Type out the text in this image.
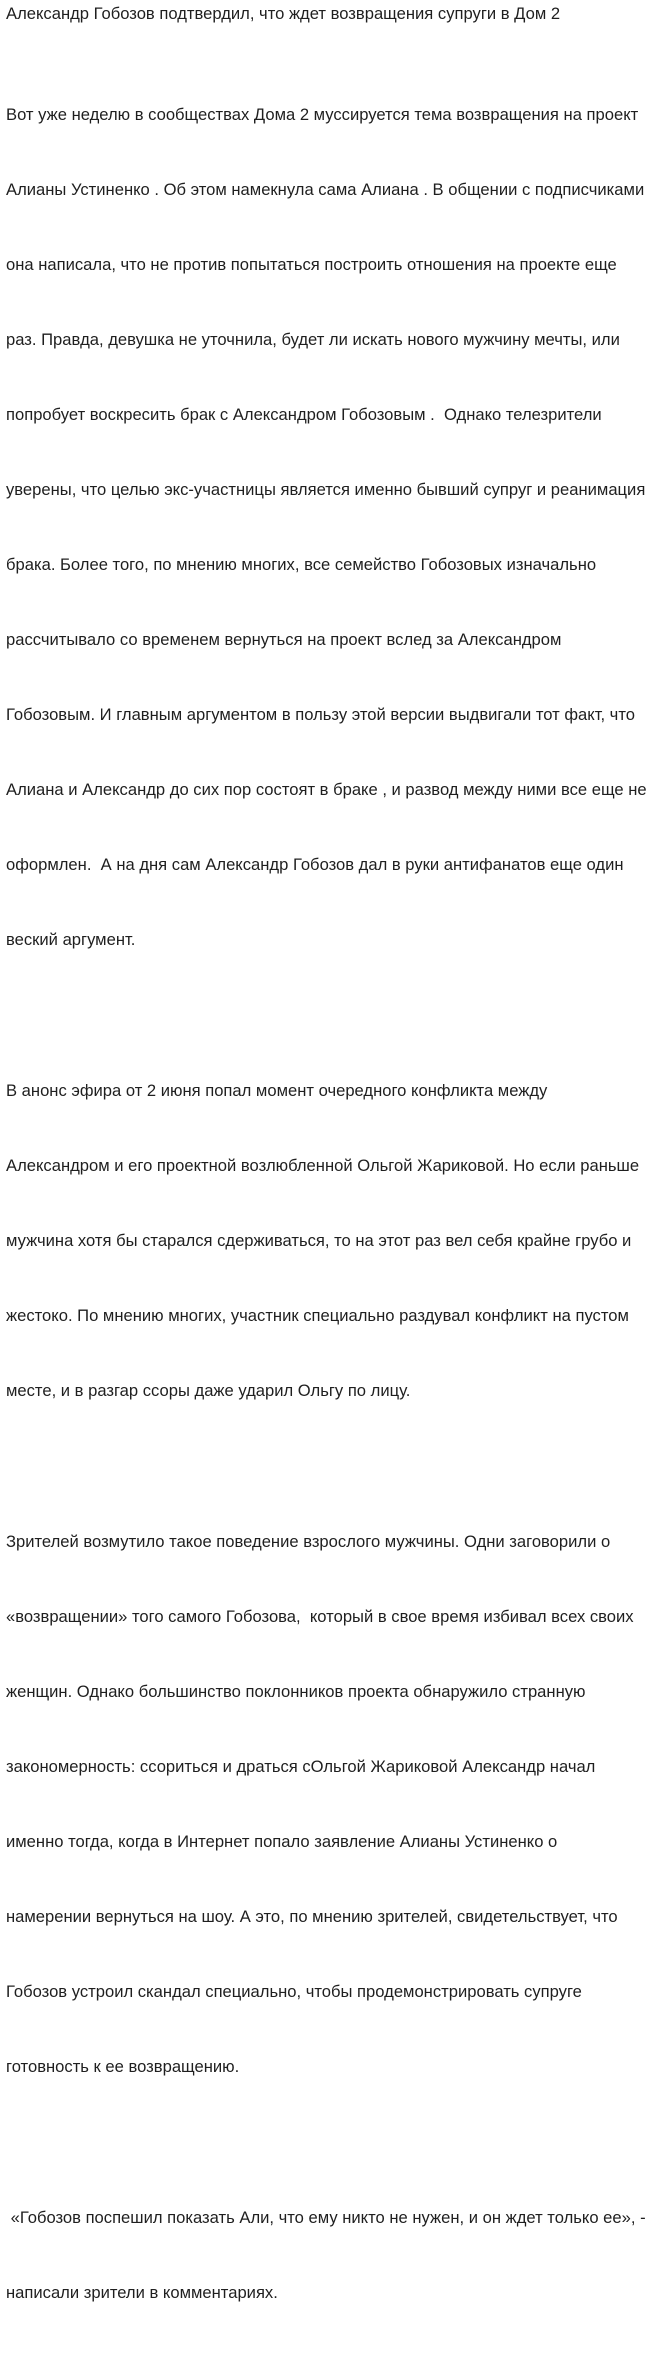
Александр Гобозов подтвердил, что ждет возвращения супруги в Дом 2

Вот уже неделю в сообществах Дома 2 муссируется тема возвращения на проект

Алианы Устиненко . Об этом намекнула сама Алиана . В общении с подписчиками

она написала, что не против попытаться построить отношения на проекте еще

раз. Правда, девушка не уточнила, будет ли искать нового мужчину мечты, или

попробует воскресить брак с Александром Гобозовым .  Однако телезрители

уверены, что целью экс-участницы является именно бывший супруг и реанимация

брака. Более того, по мнению многих, все семейство Гобозовых изначально

рассчитывало со временем вернуться на проект вслед за Александром

Гобозовым. И главным аргументом в пользу этой версии выдвигали тот факт, что

Алиана и Александр до сих пор состоят в браке , и развод между ними все еще не

оформлен.  А на дня сам Александр Гобозов дал в руки антифанатов еще один

веский аргумент.

В анонс эфира от 2 июня попал момент очередного конфликта между

Александром и его проектной возлюбленной Ольгой Жариковой. Но если раньше

мужчина хотя бы старался сдерживаться, то на этот раз вел себя крайне грубо и

жестоко. По мнению многих, участник специально раздувал конфликт на пустом

месте, и в разгар ссоры даже ударил Ольгу по лицу.

Зрителей возмутило такое поведение взрослого мужчины. Одни заговорили о

«возвращении» того самого Гобозова,  который в свое время избивал всех своих

женщин. Однако большинство поклонников проекта обнаружило странную

закономерность: ссориться и драться сОльгой Жариковой Александр начал

именно тогда, когда в Интернет попало заявление Алианы Устиненко о

намерении вернуться на шоу. А это, по мнению зрителей, свидетельствует, что

Гобозов устроил скандал специально, чтобы продемонстрировать супруге

готовность к ее возвращению.

«Гобозов поспешил показать Али, что ему никто не нужен, и он ждет только ее», -

написали зрители в комментариях.
